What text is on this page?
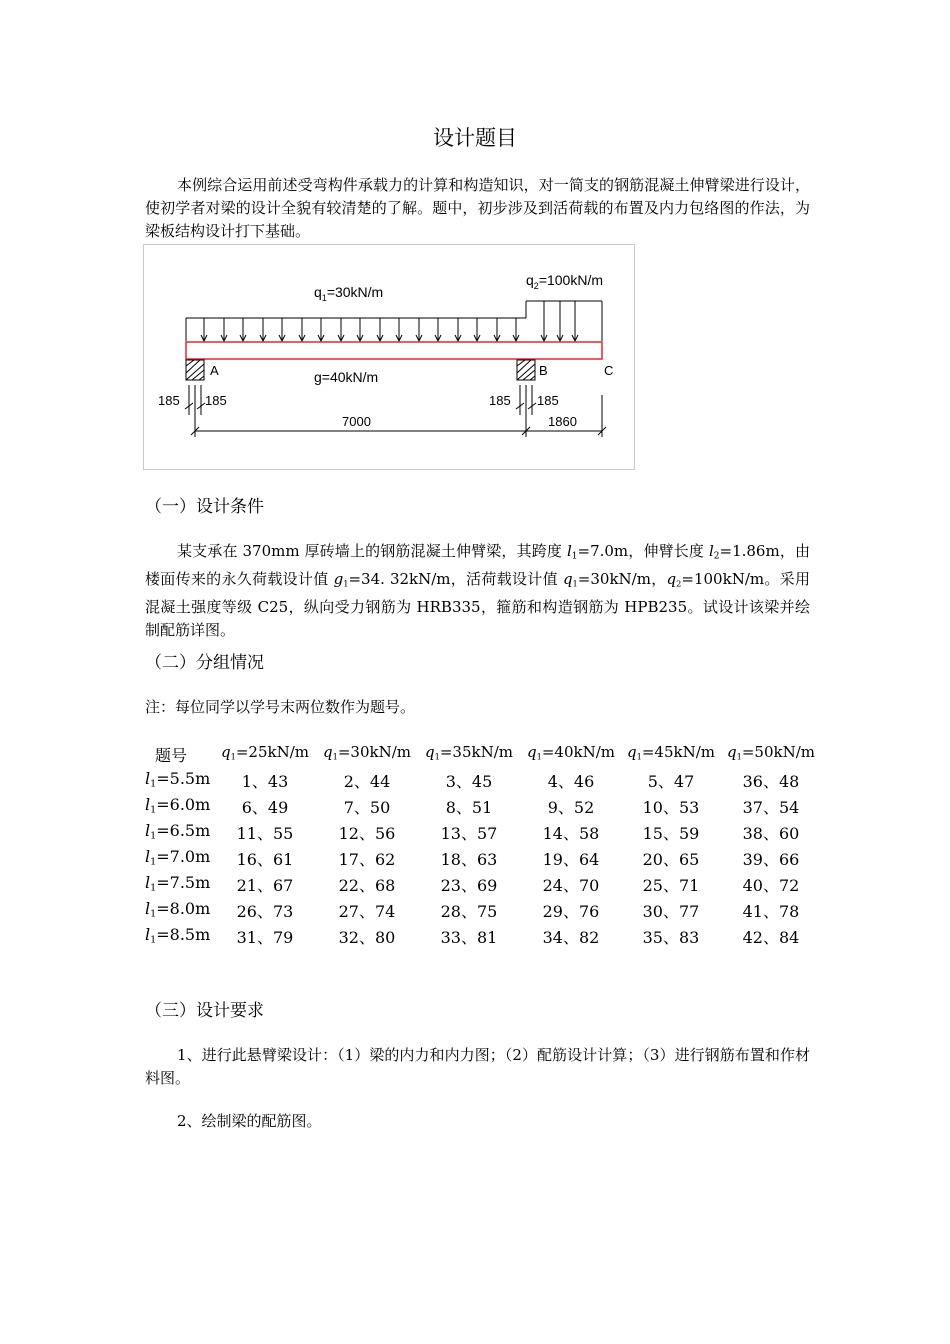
设计题目
本例综合运用前述受弯构件承载力的计算和构造知识，对一简支的钢筋混凝土伸臂梁进行设计，使初学者对梁的设计全貌有较清楚的了解。题中，初步涉及到活荷载的布置及内力包络图的作法，为梁板结构设计打下基础。
$q_1=30kN/m$
$q_2=100kN/m$
A	B	C
g=40kN/m
185 185	185 185
7000	1860
（一）设计条件
某支承在 370mm 厚砖墙上的钢筋混凝土伸臂梁，其跨度 $l_1=7.0m$，伸臂长度 $l_2=1.86m$，由楼面传来的永久荷载设计值 g1=34. 32kN/m，活荷载设计值 q1=30kN/m，q2=100kN/m。采用混凝土强度等级 C25，纵向受力钢筋为 HRB335，箍筋和构造钢筋为 HPB235。试设计该梁并绘制配筋详图。
（二）分组情况
注：每位同学以学号末两位数作为题号。
题号	q1=25kN/m q1=30kN/m q1=35kN/m q1=40kN/m q1=45kN/m q1=50kN/m
$l_1=5.5m$	1、43	2、44	3、45	4、46	5、47	36、48
$l_1=6.0m$	6、49	7、50	8、51	9、52	10、53	37、54
$l_1=6.5m$	11、55	12、56	13、57	14、58	15、59	38、60
$l_1=7.0m$	16、61	17、62	18、63	19、64	20、65	39、66
$l_1=7.5m$	21、67	22、68	23、69	24、70	25、71	40、72
$l_1=8.0m$	26、73	27、74	28、75	29、76	30、77	41、78
$l_1=8.5m$	31、79	32、80	33、81	34、82	35、83	42、84
（三）设计要求
1、进行此悬臂梁设计：（1）梁的内力和内力图；（2）配筋设计计算；（3）进行钢筋布置和作材料图。
2、绘制梁的配筋图。
